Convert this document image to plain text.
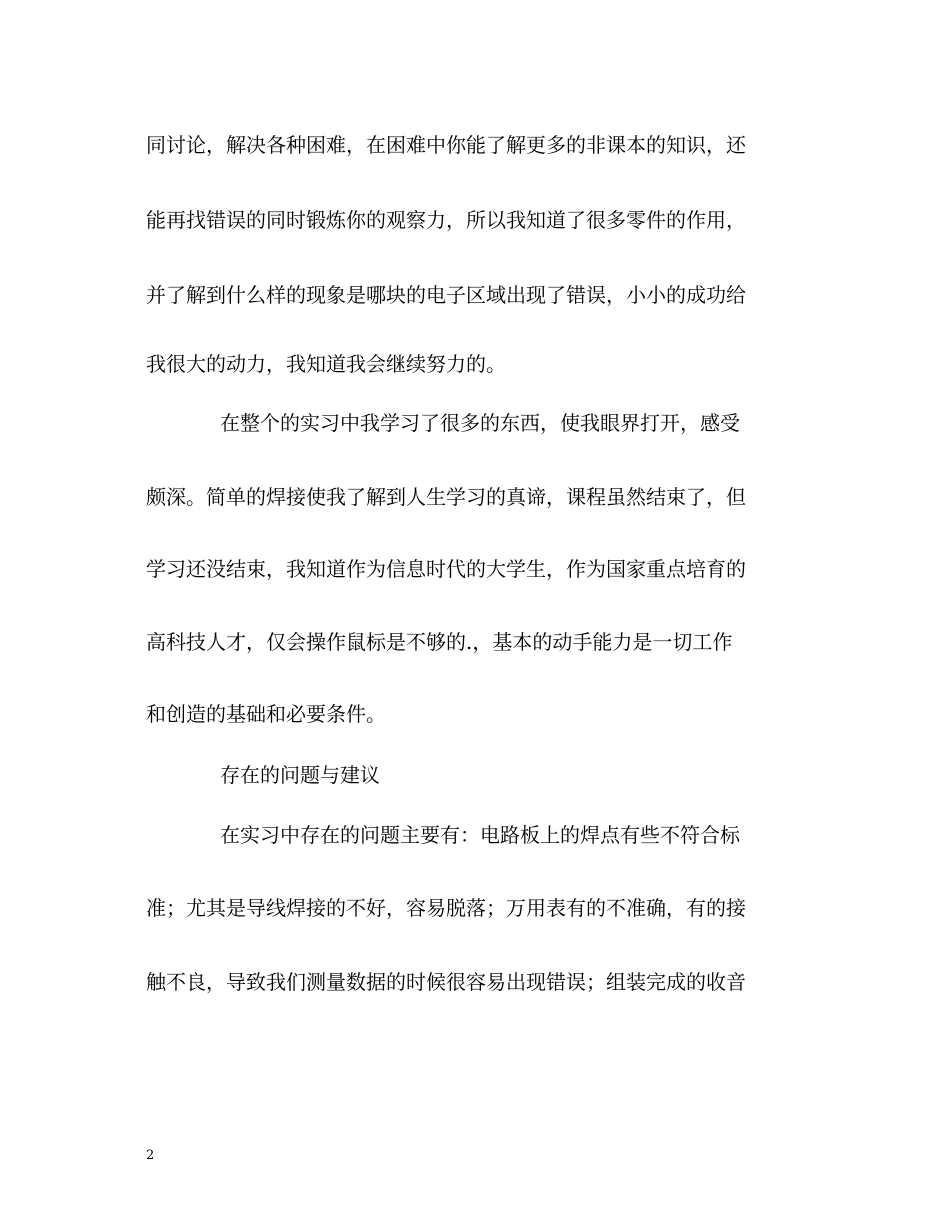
同讨论，解决各种困难，在困难中你能了解更多的非课本的知识，还
能再找错误的同时锻炼你的观察力，所以我知道了很多零件的作用，
并了解到什么样的现象是哪块的电子区域出现了错误，小小的成功给
我很大的动力，我知道我会继续努力的。
在整个的实习中我学习了很多的东西，使我眼界打开，感受
颇深。简单的焊接使我了解到人生学习的真谛，课程虽然结束了，但
学习还没结束，我知道作为信息时代的大学生，作为国家重点培育的
高科技人才，仅会操作鼠标是不够的.，基本的动手能力是一切工作
和创造的基础和必要条件。
存在的问题与建议
在实习中存在的问题主要有：电路板上的焊点有些不符合标
准；尤其是导线焊接的不好，容易脱落；万用表有的不准确，有的接
触不良，导致我们测量数据的时候很容易出现错误；组装完成的收音
2
